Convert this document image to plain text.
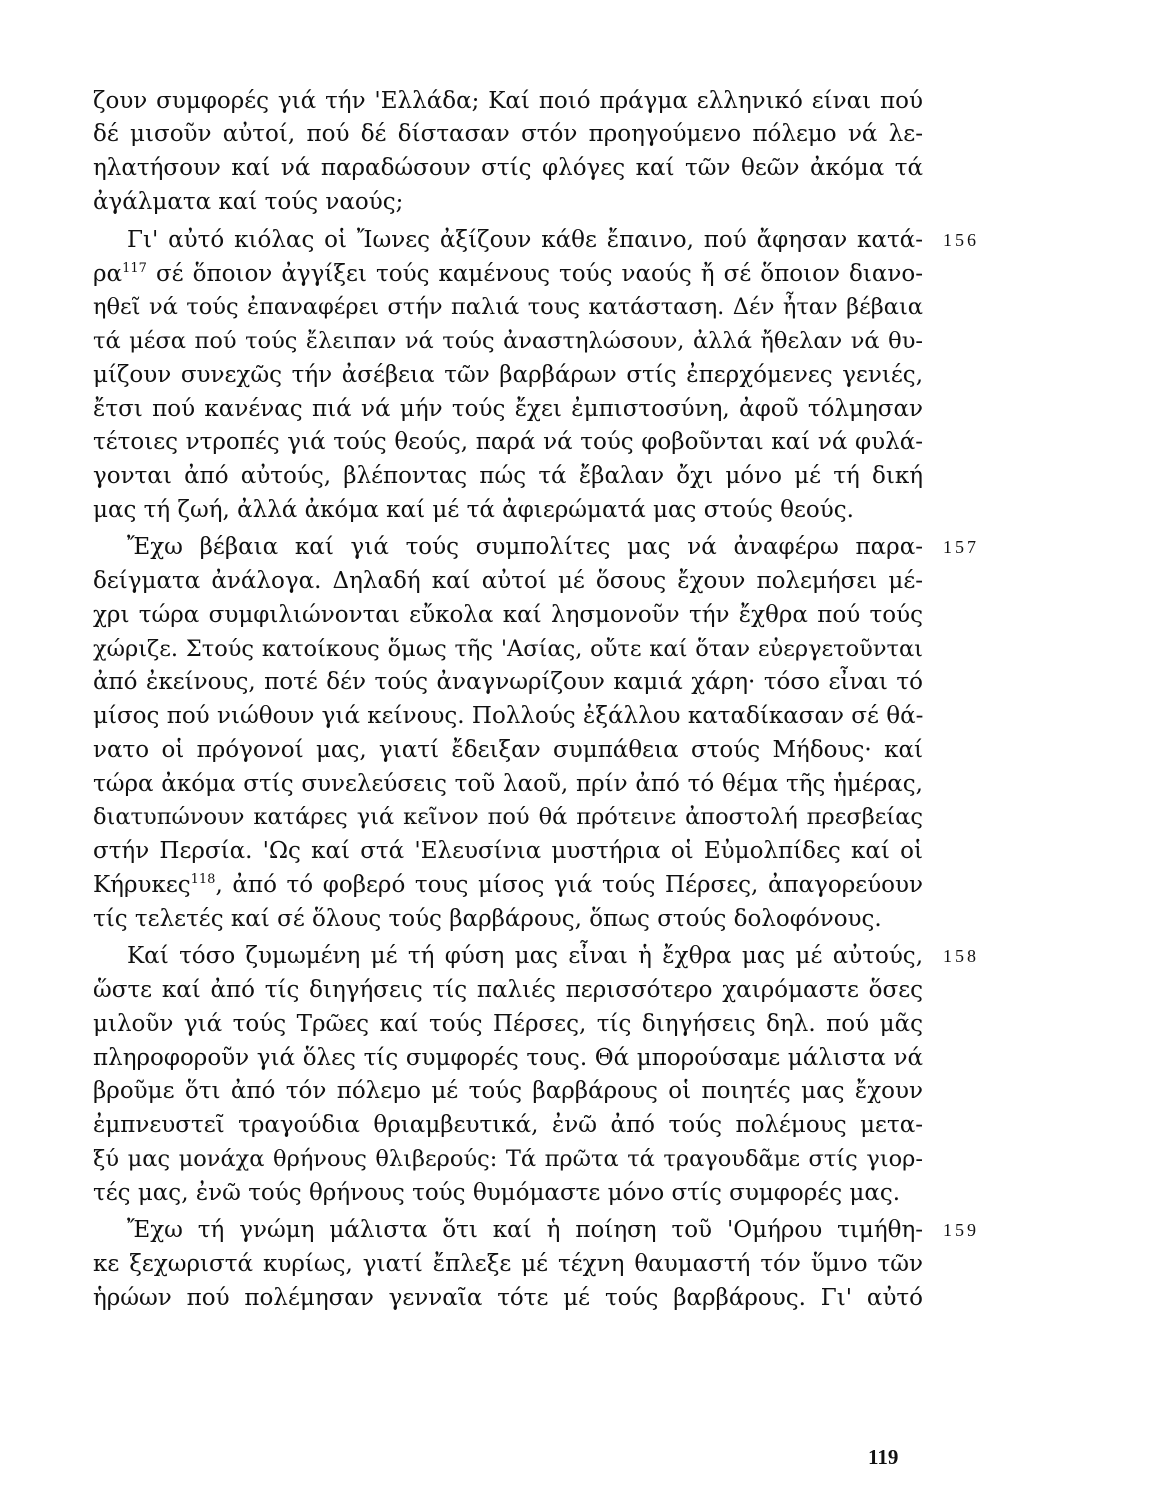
ζουν συμφορές γιά τήν 'Ελλάδα; Καί ποιό πράγμα ελληνικό είναι πού
δέ μισοῦν αὐτοί, πού δέ δίστασαν στόν προηγούμενο πόλεμο νά λε-
ηλατήσουν καί νά παραδώσουν στίς φλόγες καί τῶν θεῶν ἀκόμα τά
ἀγάλματα καί τούς ναούς;
Γι' αὐτό κιόλας οἱ Ἴωνες ἀξίζουν κάθε ἔπαινο, πού ἄφησαν κατά- 156
ρα$^{117}$ σέ ὅποιον ἀγγίξει τούς καμένους τούς ναούς ἤ σέ ὅποιον διανο-
ηθεῖ νά τούς ἐπαναφέρει στήν παλιά τους κατάσταση. Δέν ἦταν βέβαια
τά μέσα πού τούς ἔλειπαν νά τούς ἀναστηλώσουν, ἀλλά ἤθελαν νά θυ-
μίζουν συνεχῶς τήν ἀσέβεια τῶν βαρβάρων στίς ἐπερχόμενες γενιές,
ἔτσι πού κανένας πιά νά μήν τούς ἔχει ἐμπιστοσύνη, ἀφοῦ τόλμησαν
τέτοιες ντροπές γιά τούς θεούς, παρά νά τούς φοβοῦνται καί νά φυλά-
γονται ἀπό αὐτούς, βλέποντας πώς τά ἔβαλαν ὄχι μόνο μέ τή δική
μας τή ζωή, ἀλλά ἀκόμα καί μέ τά ἀφιερώματά μας στούς θεούς.
Ἔχω βέβαια καί γιά τούς συμπολίτες μας νά ἀναφέρω παρα- 157
δείγματα ἀνάλογα. Δηλαδή καί αὐτοί μέ ὅσους ἔχουν πολεμήσει μέ-
χρι τώρα συμφιλιώνονται εὔκολα καί λησμονοῦν τήν ἔχθρα πού τούς
χώριζε. Στούς κατοίκους ὅμως τῆς 'Ασίας, οὔτε καί ὅταν εὐεργετοῦνται
ἀπό ἐκείνους, ποτέ δέν τούς ἀναγνωρίζουν καμιά χάρη· τόσο εἶναι τό
μίσος πού νιώθουν γιά κείνους. Πολλούς ἐξάλλου καταδίκασαν σέ θά-
νατο οἱ πρόγονοί μας, γιατί ἔδειξαν συμπάθεια στούς Μήδους· καί
τώρα ἀκόμα στίς συνελεύσεις τοῦ λαοῦ, πρίν ἀπό τό θέμα τῆς ἡμέρας,
διατυπώνουν κατάρες γιά κεῖνον πού θά πρότεινε ἀποστολή πρεσβείας
στήν Περσία. 'Ως καί στά 'Ελευσίνια μυστήρια οἱ Εὐμολπίδες καί οἱ
Κήρυκες$^{118}$, ἀπό τό φοβερό τους μίσος γιά τούς Πέρσες, ἀπαγορεύουν
τίς τελετές καί σέ ὅλους τούς βαρβάρους, ὅπως στούς δολοφόνους.
Καί τόσο ζυμωμένη μέ τή φύση μας εἶναι ἡ ἔχθρα μας μέ αὐτούς, 158
ὥστε καί ἀπό τίς διηγήσεις τίς παλιές περισσότερο χαιρόμαστε ὅσες
μιλοῦν γιά τούς Τρῶες καί τούς Πέρσες, τίς διηγήσεις δηλ. πού μᾶς
πληροφοροῦν γιά ὅλες τίς συμφορές τους. Θά μπορούσαμε μάλιστα νά
βροῦμε ὅτι ἀπό τόν πόλεμο μέ τούς βαρβάρους οἱ ποιητές μας ἔχουν
ἐμπνευστεῖ τραγούδια θριαμβευτικά, ἐνῶ ἀπό τούς πολέμους μετα-
ξύ μας μονάχα θρήνους θλιβερούς: Τά πρῶτα τά τραγουδᾶμε στίς γιορ-
τές μας, ἐνῶ τούς θρήνους τούς θυμόμαστε μόνο στίς συμφορές μας.
Ἔχω τή γνώμη μάλιστα ὅτι καί ἡ ποίηση τοῦ 'Ομήρου τιμήθη- 159
κε ξεχωριστά κυρίως, γιατί ἔπλεξε μέ τέχνη θαυμαστή τόν ὕμνο τῶν
ἡρώων πού πολέμησαν γενναῖα τότε μέ τούς βαρβάρους. Γι' αὐτό
119
